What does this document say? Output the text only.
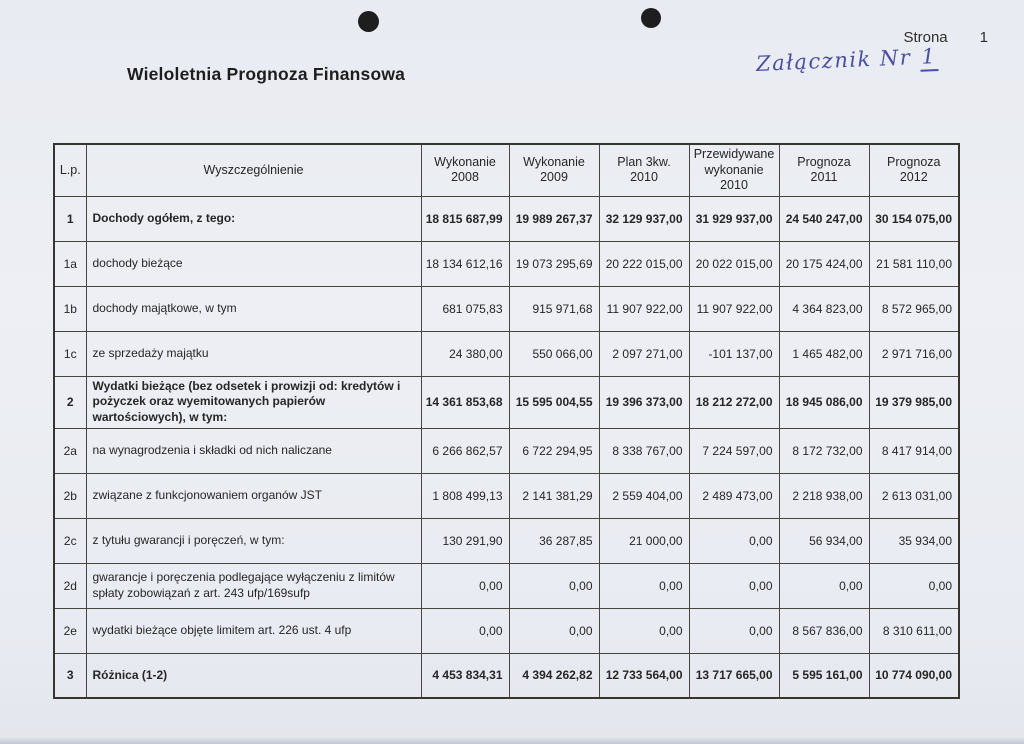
Strona 1
Załącznik Nr 1
Wieloletnia Prognoza Finansowa
L.p.	Wyszczególnienie	Wykonanie 2008	Wykonanie 2009	Plan 3kw. 2010	Przewidywane wykonanie 2010	Prognoza 2011	Prognoza 2012
1	Dochody ogółem, z tego:	18 815 687,99	19 989 267,37	32 129 937,00	31 929 937,00	24 540 247,00	30 154 075,00
1a	dochody bieżące	18 134 612,16	19 073 295,69	20 222 015,00	20 022 015,00	20 175 424,00	21 581 110,00
1b	dochody majątkowe, w tym	681 075,83	915 971,68	11 907 922,00	11 907 922,00	4 364 823,00	8 572 965,00
1c	ze sprzedaży majątku	24 380,00	550 066,00	2 097 271,00	-101 137,00	1 465 482,00	2 971 716,00
2	Wydatki bieżące (bez odsetek i prowizji od: kredytów i pożyczek oraz wyemitowanych papierów wartościowych), w tym:	14 361 853,68	15 595 004,55	19 396 373,00	18 212 272,00	18 945 086,00	19 379 985,00
2a	na wynagrodzenia i składki od nich naliczane	6 266 862,57	6 722 294,95	8 338 767,00	7 224 597,00	8 172 732,00	8 417 914,00
2b	związane z funkcjonowaniem organów JST	1 808 499,13	2 141 381,29	2 559 404,00	2 489 473,00	2 218 938,00	2 613 031,00
2c	z tytułu gwarancji i poręczeń, w tym:	130 291,90	36 287,85	21 000,00	0,00	56 934,00	35 934,00
2d	gwarancje i poręczenia podlegające wyłączeniu z limitów spłaty zobowiązań z art. 243 ufp/169sufp	0,00	0,00	0,00	0,00	0,00	0,00
2e	wydatki bieżące objęte limitem art. 226 ust. 4 ufp	0,00	0,00	0,00	0,00	8 567 836,00	8 310 611,00
3	Różnica (1-2)	4 453 834,31	4 394 262,82	12 733 564,00	13 717 665,00	5 595 161,00	10 774 090,00
